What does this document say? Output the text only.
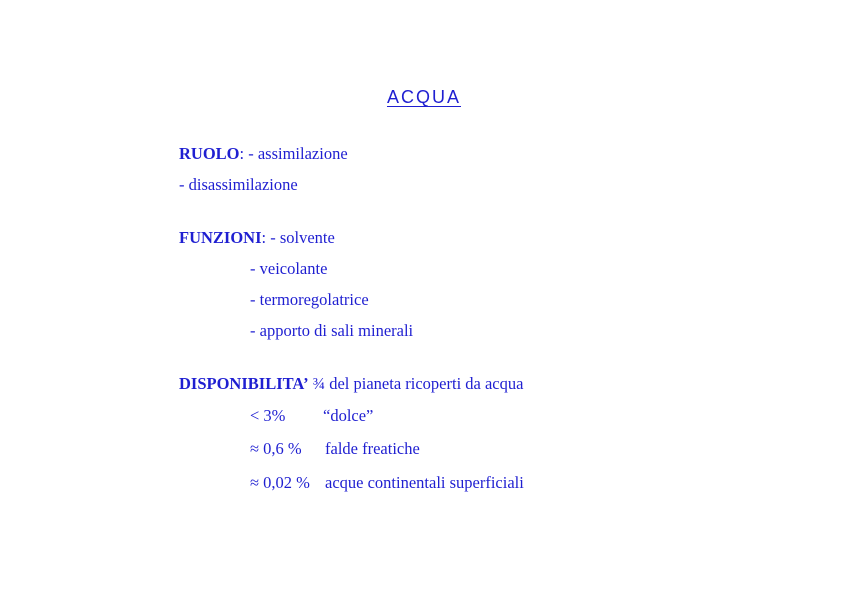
ACQUA
RUOLO: - assimilazione
- disassimilazione
FUNZIONI: - solvente
- veicolante
- termoregolatrice
- apporto di sali minerali
DISPONIBILITA’ ¾ del pianeta ricoperti da acqua
< 3% “dolce”
≈ 0,6 % falde freatiche
≈ 0,02 % acque continentali superficiali
